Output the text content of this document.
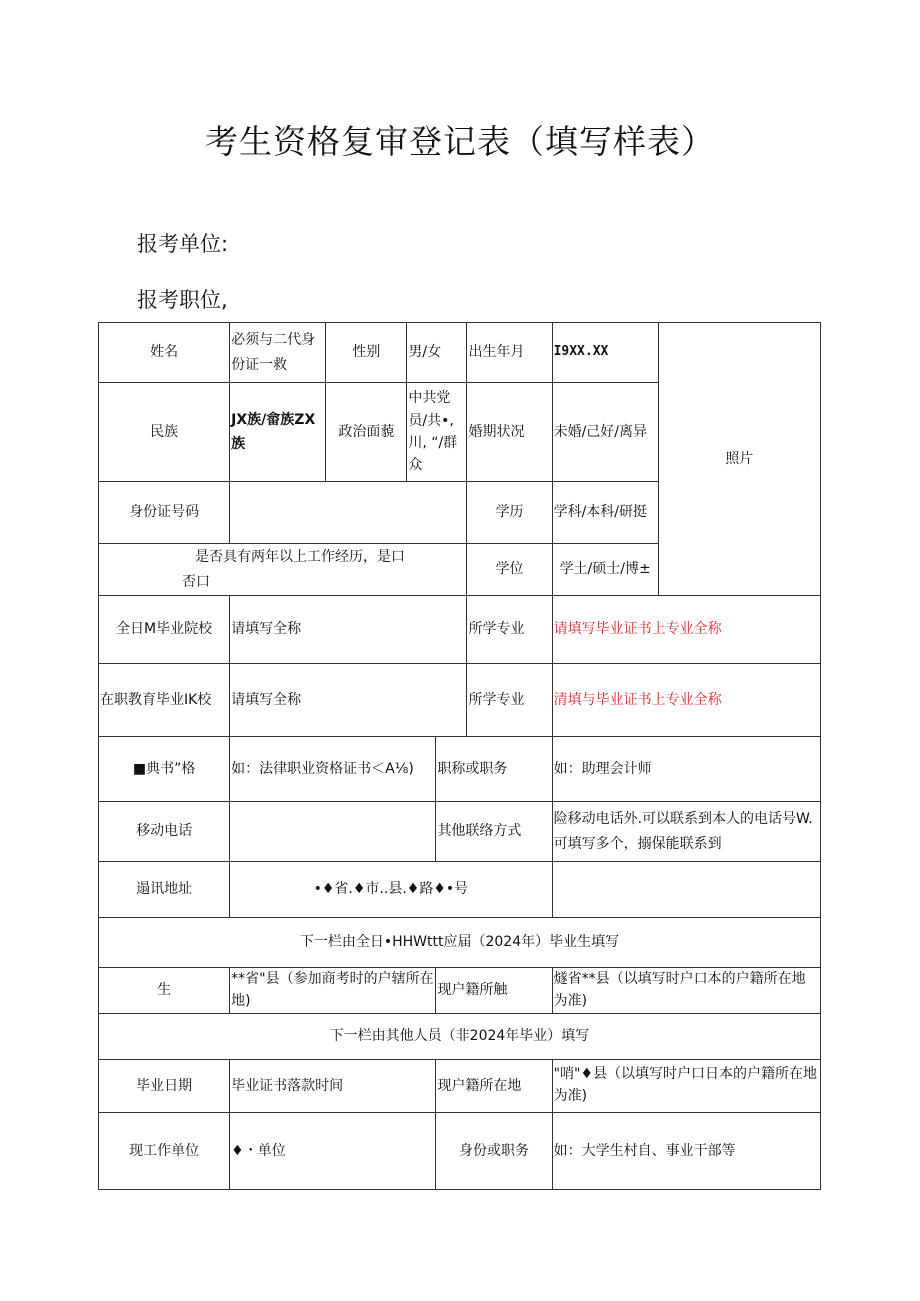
考生资格复审登记表（填写样表）
报考单位:
报考职位,
姓名	必须与二代身份证一救	性别	男/女		出生年月	I9XX.XX	照片
民族	JX族/畲族ZX族	政治面藐	中共党员/共•,川, “/群众		婚期状况	未婚/己好/离异	
身份证号码					学历	学科/本科/研挺	
是否具有两年以上工作经历，是口否口					学位	学土/硕士/博±	
全日M毕业院校	请填写全称				所学专业	请填写毕业证书上专业全称	
在职教育毕业IK校	请填写全称				所学专业	清填与毕业证书上专业全称	
■典书”格	如：法律职业资格证书＜A⅛)			职称或职务		如：助理会计师	
移动电话				其他联络方式		险移动电话外.可以联系到本人的电话号W.可填写多个，搦保能联系到	
遢讯地址	•♦省.♦市..县.♦路♦•号						
下一栏由全日•HHWttt应届（2024年）毕业生填写							
生	**省"县（参加商考时的户辖所在地)			现户籍所触		燧省**县（以填写时户口本的户籍所在地为准)	
下一栏由其他人员（非2024年毕业）填写							
毕业日期	毕业证书落款时间			现户籍所在地		"哨"♦县（以填写时户口日本的户籍所在地为准)	
现工作单位	♦・单位			身份或职务		如：大学生村自、事业干部等	
